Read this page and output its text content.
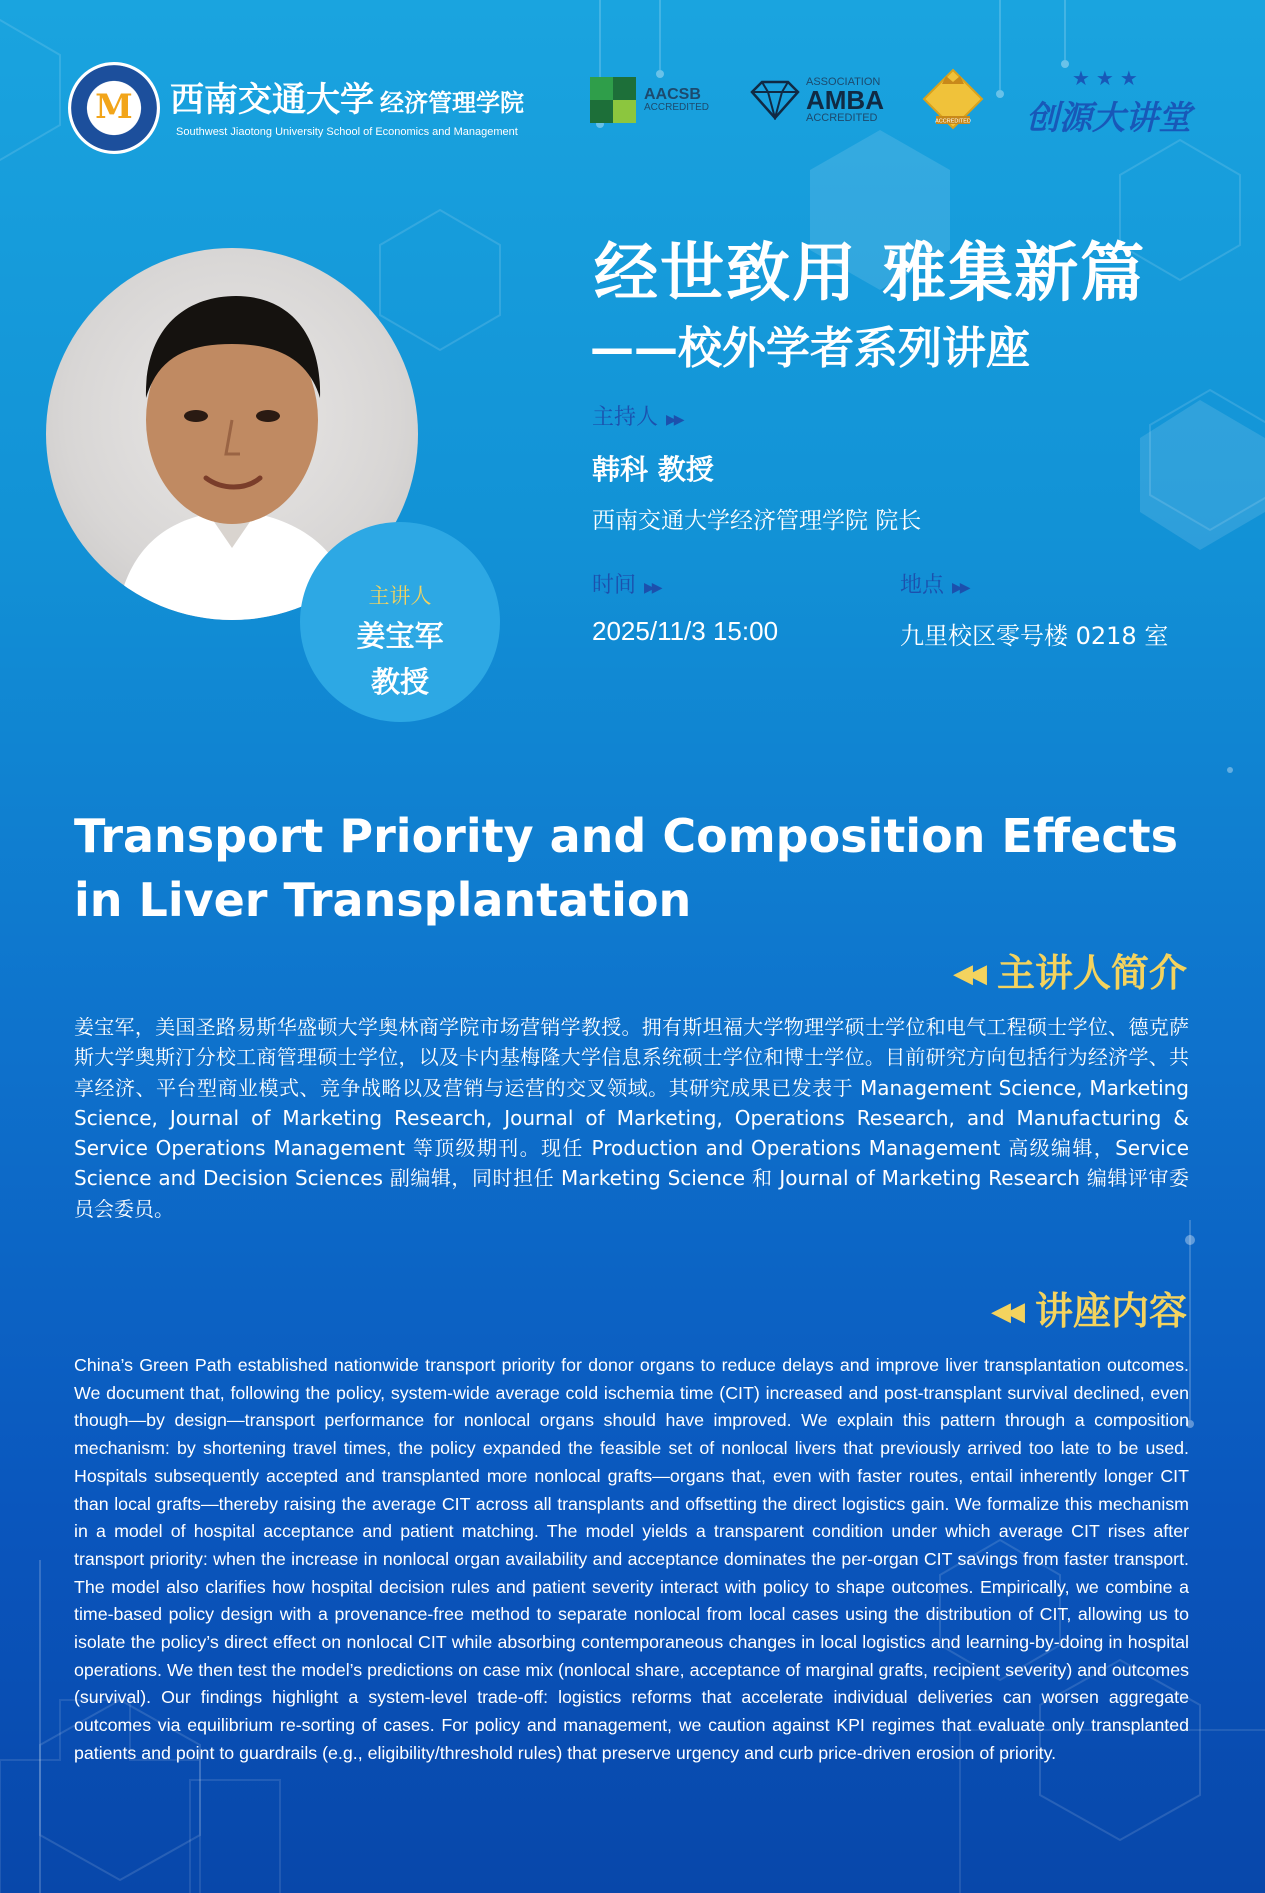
M 西南交通大学 经济管理学院
Southwest Jiaotong University School of Economics and Management
AACSB
ACCREDITED
ASSOCIATION
AMBA
ACCREDITED	ACCREDITED
★★★
创源大讲堂
主讲人
姜宝军
教授
经世致用 雅集新篇
——校外学者系列讲座
主持人 ▶▶
韩科 教授
西南交通大学经济管理学院 院长
时间 ▶▶
2025/11/3 15:00
地点 ▶▶
九里校区零号楼 0218 室
Transport Priority and Composition Effects in Liver Transplantation
◀◀ 主讲人简介
姜宝军，美国圣路易斯华盛顿大学奥林商学院市场营销学教授。拥有斯坦福大学物理学硕士学位和电气工程硕士学位、德克萨斯大学奥斯汀分校工商管理硕士学位，以及卡内基梅隆大学信息系统硕士学位和博士学位。目前研究方向包括行为经济学、共享经济、平台型商业模式、竞争战略以及营销与运营的交叉领域。其研究成果已发表于 Management Science, Marketing Science, Journal of Marketing Research, Journal of Marketing, Operations Research, and Manufacturing & Service Operations Management 等顶级期刊。现任 Production and Operations Management 高级编辑，Service Science and Decision Sciences 副编辑，同时担任 Marketing Science 和 Journal of Marketing Research 编辑评审委员会委员。
◀◀ 讲座内容
China’s Green Path established nationwide transport priority for donor organs to reduce delays and improve liver transplantation outcomes. We document that, following the policy, system-wide average cold ischemia time (CIT) increased and post-transplant survival declined, even though—by design—transport performance for nonlocal organs should have improved. We explain this pattern through a composition mechanism: by shortening travel times, the policy expanded the feasible set of nonlocal livers that previously arrived too late to be used. Hospitals subsequently accepted and transplanted more nonlocal grafts—organs that, even with faster routes, entail inherently longer CIT than local grafts—thereby raising the average CIT across all transplants and offsetting the direct logistics gain. We formalize this mechanism in a model of hospital acceptance and patient matching. The model yields a transparent condition under which average CIT rises after transport priority: when the increase in nonlocal organ availability and acceptance dominates the per-organ CIT savings from faster transport. The model also clarifies how hospital decision rules and patient severity interact with policy to shape outcomes. Empirically, we combine a time-based policy design with a provenance-free method to separate nonlocal from local cases using the distribution of CIT, allowing us to isolate the policy’s direct effect on nonlocal CIT while absorbing contemporaneous changes in local logistics and learning-by-doing in hospital operations. We then test the model’s predictions on case mix (nonlocal share, acceptance of marginal grafts, recipient severity) and outcomes (survival). Our findings highlight a system-level trade-off: logistics reforms that accelerate individual deliveries can worsen aggregate outcomes via equilibrium re-sorting of cases. For policy and management, we caution against KPI regimes that evaluate only transplanted patients and point to guardrails (e.g., eligibility/threshold rules) that preserve urgency and curb price-driven erosion of priority.
